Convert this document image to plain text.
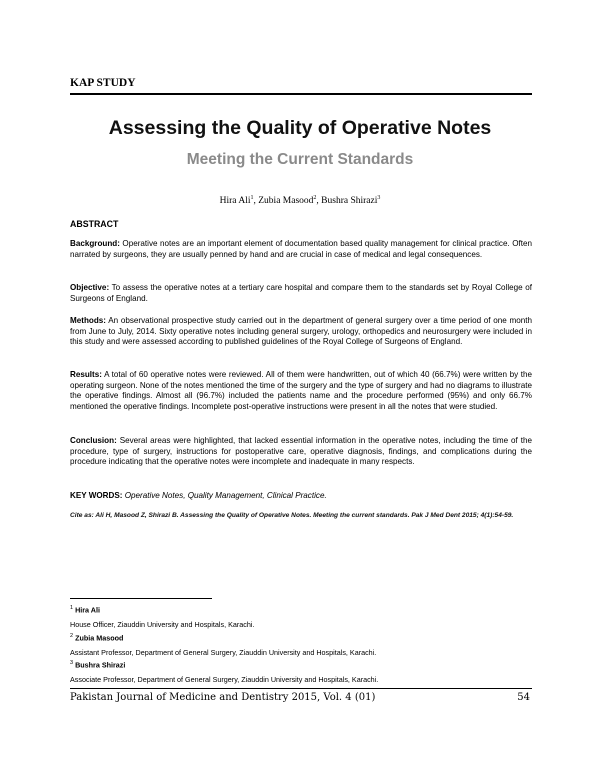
KAP STUDY
Assessing the Quality of Operative Notes
Meeting the Current Standards
Hira Ali$^1$, Zubia Masood$^2$, Bushra Shirazi$^3$
ABSTRACT
Background: Operative notes are an important element of documentation based quality management for clinical practice. Often narrated by surgeons, they are usually penned by hand and are crucial in case of medical and legal consequences.
Objective: To assess the operative notes at a tertiary care hospital and compare them to the standards set by Royal College of Surgeons of England.
Methods: An observational prospective study carried out in the department of general surgery over a time period of one month from June to July, 2014. Sixty operative notes including general surgery, urology, orthopedics and neurosurgery were included in this study and were assessed according to published guidelines of the Royal College of Surgeons of England.
Results: A total of 60 operative notes were reviewed. All of them were handwritten, out of which 40 (66.7%) were written by the operating surgeon. None of the notes mentioned the time of the surgery and the type of surgery and had no diagrams to illustrate the operative findings. Almost all (96.7%) included the patients name and the procedure performed (95%) and only 66.7% mentioned the operative findings. Incomplete post-operative instructions were present in all the notes that were studied.
Conclusion: Several areas were highlighted, that lacked essential information in the operative notes, including the time of the procedure, type of surgery, instructions for postoperative care, operative diagnosis, findings, and complications during the procedure indicating that the operative notes were incomplete and inadequate in many respects.
KEY WORDS: Operative Notes, Quality Management, Clinical Practice.
Cite as: Ali H, Masood Z, Shirazi B. Assessing the Quality of Operative Notes. Meeting the current standards. Pak J Med Dent 2015; 4(1):54-59.
$^1$ Hira Ali
House Officer, Ziauddin University and Hospitals, Karachi.
$^2$ Zubia Masood
Assistant Professor, Department of General Surgery, Ziauddin University and Hospitals, Karachi.
$^3$ Bushra Shirazi
Associate Professor, Department of General Surgery, Ziauddin University and Hospitals, Karachi.
Pakistan Journal of Medicine and Dentistry 2015, Vol. 4 (01)	54
